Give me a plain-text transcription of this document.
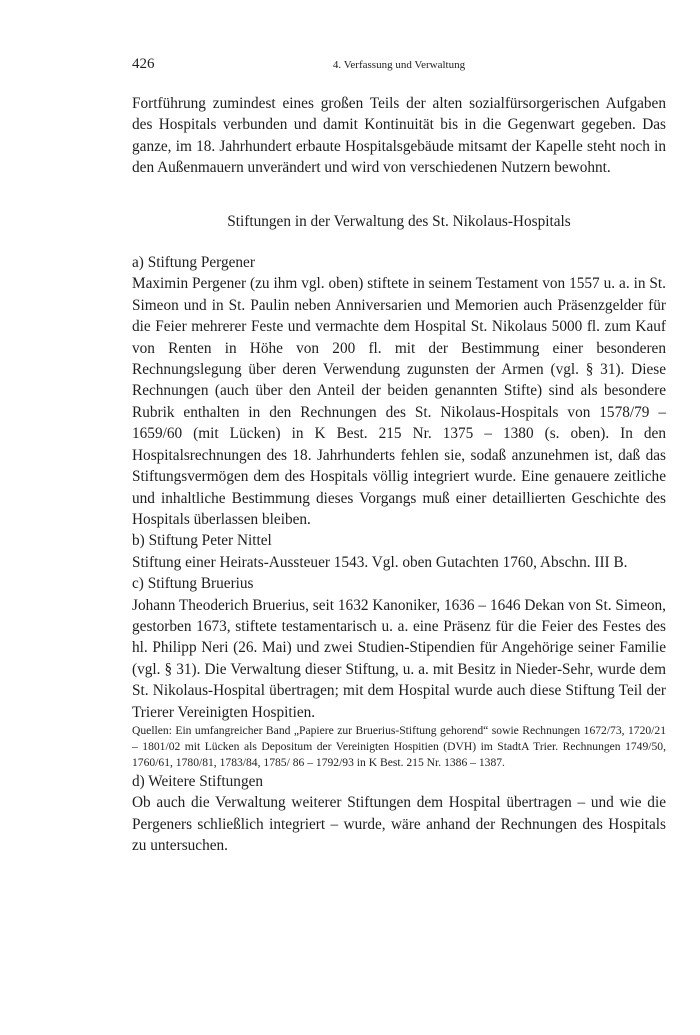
426	4. Verfassung und Verwaltung

Fortführung zumindest eines großen Teils der alten sozialfürsorgerischen Aufgaben des Hospitals verbunden und damit Kontinuität bis in die Gegenwart gegeben. Das ganze, im 18. Jahrhundert erbaute Hospitalsgebäude mitsamt der Kapelle steht noch in den Außenmauern unverändert und wird von verschiedenen Nutzern bewohnt.

Stiftungen in der Verwaltung des St. Nikolaus-Hospitals

a) Stiftung Pergener

Maximin Pergener (zu ihm vgl. oben) stiftete in seinem Testament von 1557 u. a. in St. Simeon und in St. Paulin neben Anniversarien und Memorien auch Präsenzgelder für die Feier mehrerer Feste und vermachte dem Hospital St. Nikolaus 5000 fl. zum Kauf von Renten in Höhe von 200 fl. mit der Bestimmung einer besonderen Rechnungslegung über deren Verwendung zugunsten der Armen (vgl. § 31). Diese Rechnungen (auch über den Anteil der beiden genannten Stifte) sind als besondere Rubrik enthalten in den Rechnungen des St. Nikolaus-Hospitals von 1578/79 – 1659/60 (mit Lücken) in K Best. 215 Nr. 1375 – 1380 (s. oben). In den Hospitalsrechnungen des 18. Jahrhunderts fehlen sie, sodaß anzunehmen ist, daß das Stiftungsvermögen dem des Hospitals völlig integriert wurde. Eine genauere zeitliche und inhaltliche Bestimmung dieses Vorgangs muß einer detaillierten Geschichte des Hospitals überlassen bleiben.

b) Stiftung Peter Nittel

Stiftung einer Heirats-Aussteuer 1543. Vgl. oben Gutachten 1760, Abschn. III B.

c) Stiftung Bruerius

Johann Theoderich Bruerius, seit 1632 Kanoniker, 1636 – 1646 Dekan von St. Simeon, gestorben 1673, stiftete testamentarisch u. a. eine Präsenz für die Feier des Festes des hl. Philipp Neri (26. Mai) und zwei Studien-Stipendien für Angehörige seiner Familie (vgl. § 31). Die Verwaltung dieser Stiftung, u. a. mit Besitz in Nieder-Sehr, wurde dem St. Nikolaus-Hospital übertragen; mit dem Hospital wurde auch diese Stiftung Teil der Trierer Vereinigten Hospitien.

Quellen: Ein umfangreicher Band „Papiere zur Bruerius-Stiftung gehorend“ sowie Rechnungen 1672/73, 1720/21 – 1801/02 mit Lücken als Depositum der Vereinigten Hospitien (DVH) im StadtA Trier. Rechnungen 1749/50, 1760/61, 1780/81, 1783/84, 1785/ 86 – 1792/93 in K Best. 215 Nr. 1386 – 1387.

d) Weitere Stiftungen

Ob auch die Verwaltung weiterer Stiftungen dem Hospital übertragen – und wie die Pergeners schließlich integriert – wurde, wäre anhand der Rechnungen des Hospitals zu untersuchen.
